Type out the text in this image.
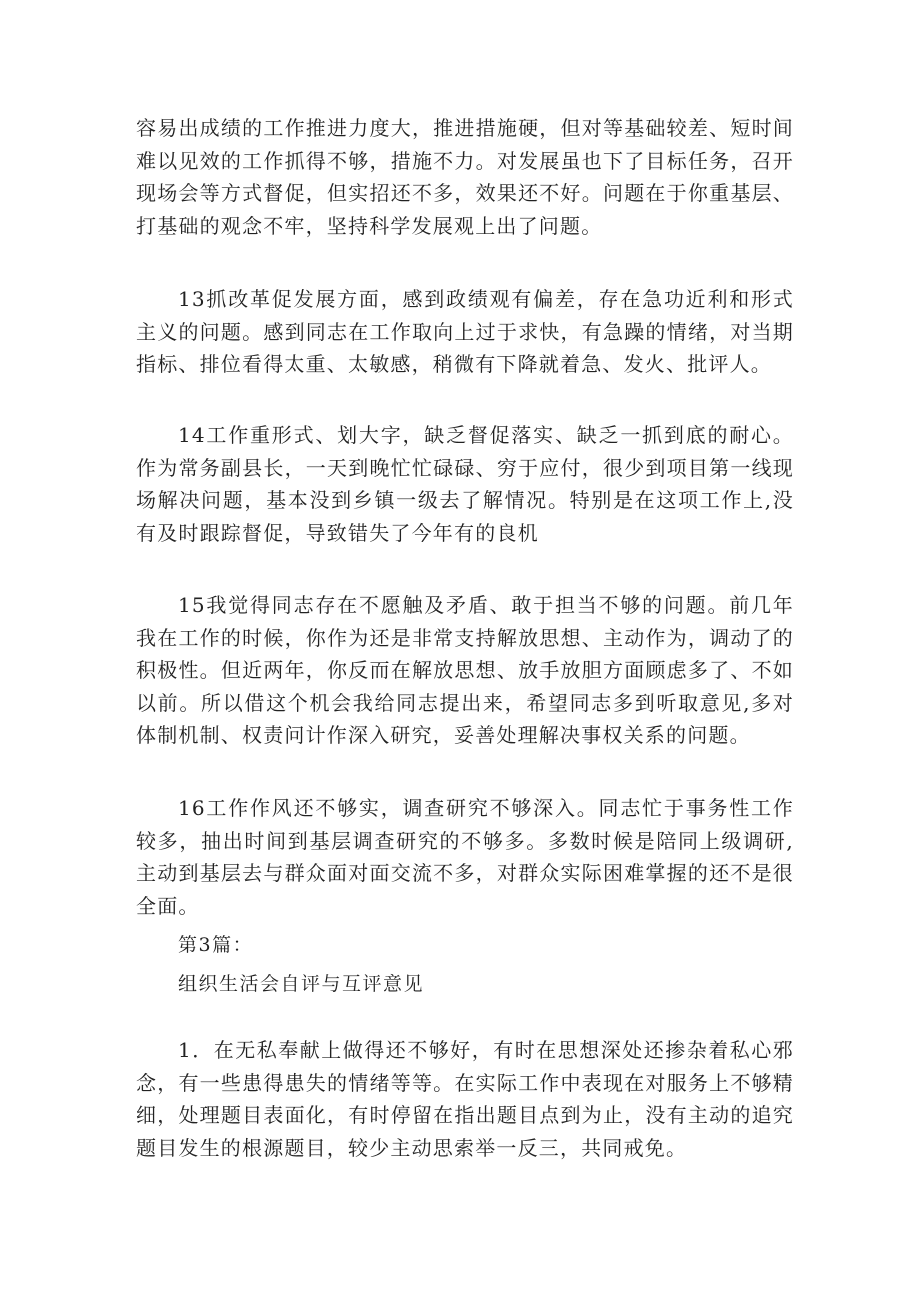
容易出成绩的工作推进力度大，推进措施硬，但对等基础较差、短时间难以见效的工作抓得不够，措施不力。对发展虽也下了目标任务，召开现场会等方式督促，但实招还不多，效果还不好。问题在于你重基层、打基础的观念不牢，坚持科学发展观上出了问题。

13抓改革促发展方面，感到政绩观有偏差，存在急功近利和形式主义的问题。感到同志在工作取向上过于求快，有急躁的情绪，对当期指标、排位看得太重、太敏感，稍微有下降就着急、发火、批评人。

14工作重形式、划大字，缺乏督促落实、缺乏一抓到底的耐心。作为常务副县长，一天到晚忙忙碌碌、穷于应付，很少到项目第一线现场解决问题，基本没到乡镇一级去了解情况。特别是在这项工作上,没有及时跟踪督促，导致错失了今年有的良机

15我觉得同志存在不愿触及矛盾、敢于担当不够的问题。前几年我在工作的时候，你作为还是非常支持解放思想、主动作为，调动了的积极性。但近两年，你反而在解放思想、放手放胆方面顾虑多了、不如以前。所以借这个机会我给同志提出来，希望同志多到听取意见,多对体制机制、权责问计作深入研究，妥善处理解决事权关系的问题。

16工作作风还不够实，调查研究不够深入。同志忙于事务性工作较多，抽出时间到基层调查研究的不够多。多数时候是陪同上级调研,主动到基层去与群众面对面交流不多，对群众实际困难掌握的还不是很全面。

第3篇：

组织生活会自评与互评意见

1．在无私奉献上做得还不够好，有时在思想深处还掺杂着私心邪念，有一些患得患失的情绪等等。在实际工作中表现在对服务上不够精细，处理题目表面化，有时停留在指出题目点到为止，没有主动的追究题目发生的根源题目，较少主动思索举一反三，共同戒免。
